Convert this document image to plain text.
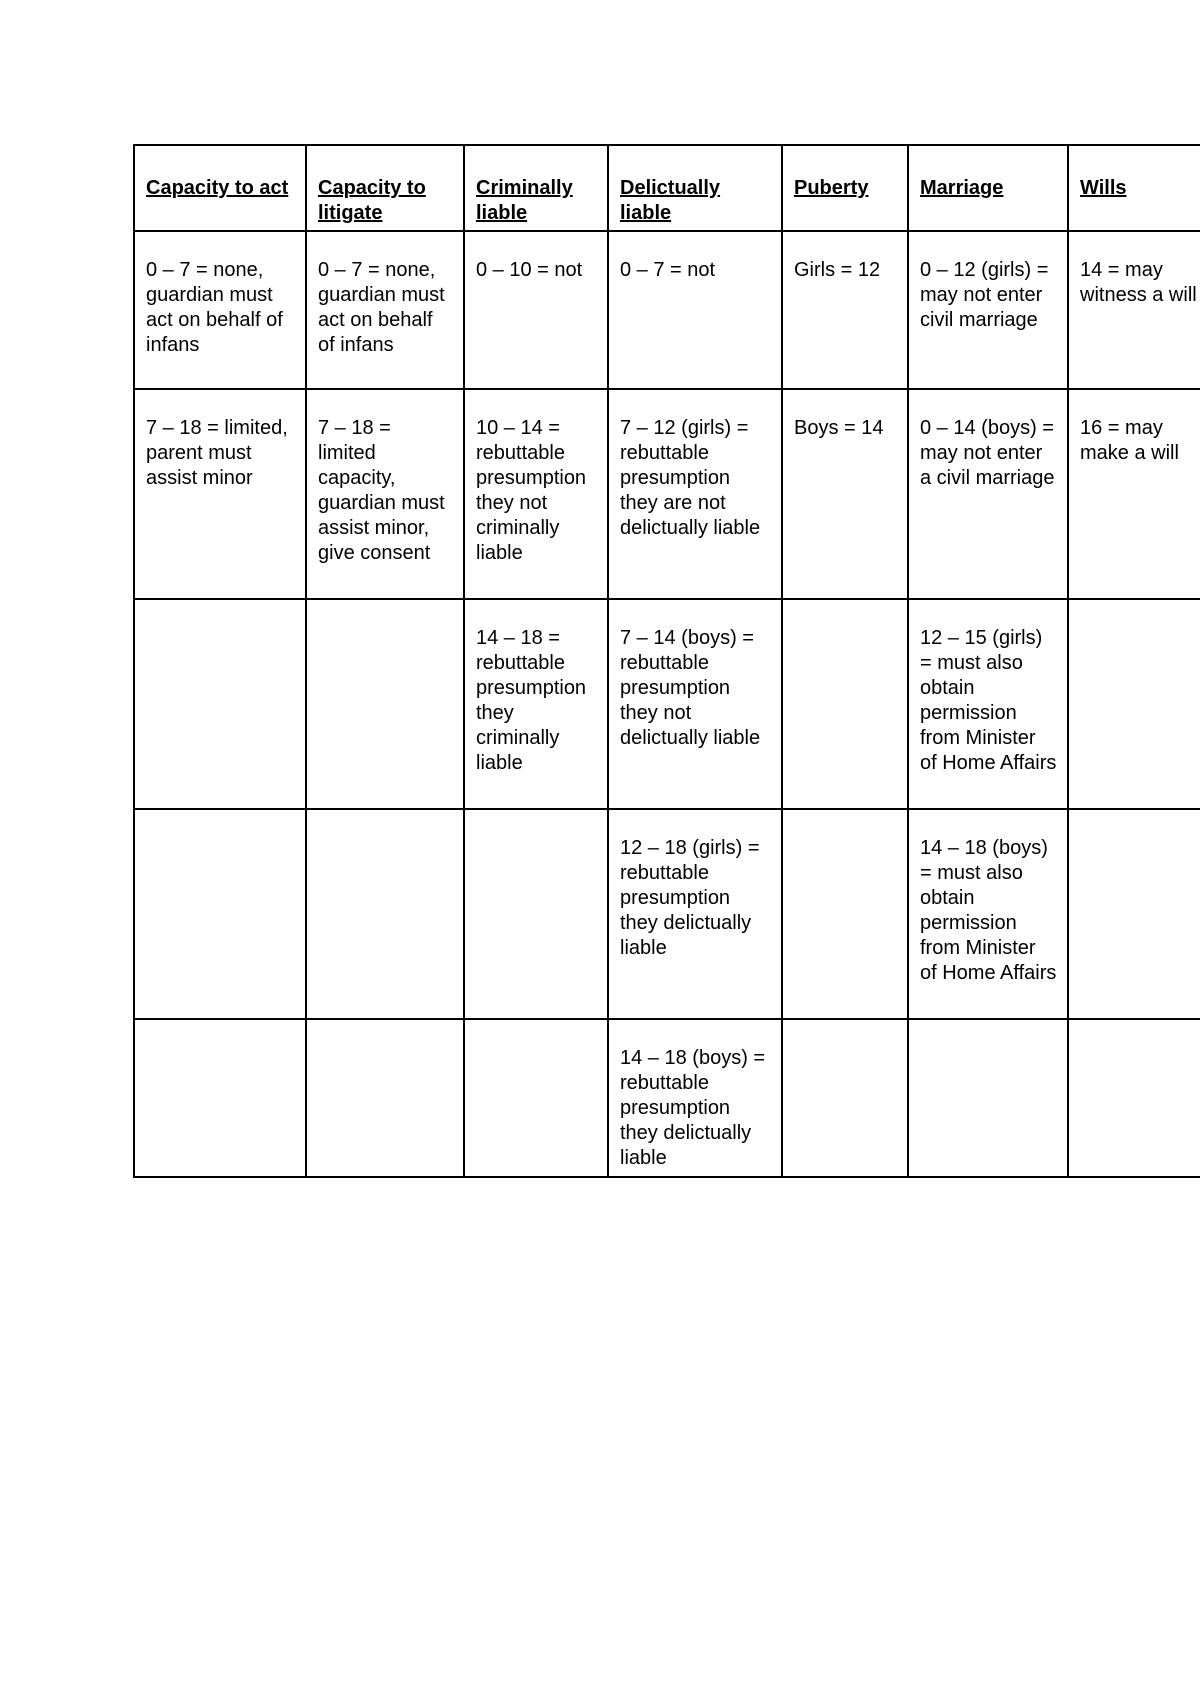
Capacity to act	Capacity to litigate	Criminally liable	Delictually liable	Puberty	Marriage	Wills
0 – 7 = none, guardian must act on behalf of infans	0 – 7 = none, guardian must act on behalf of infans	0 – 10 = not	0 – 7 = not	Girls = 12	0 – 12 (girls) = may not enter civil marriage	14 = may witness a will
7 – 18 = limited, parent must assist minor	7 – 18 = limited capacity, guardian must assist minor, give consent	10 – 14 = rebuttable presumption they not criminally liable	7 – 12 (girls) = rebuttable presumption they are not delictually liable	Boys = 14	0 – 14 (boys) = may not enter a civil marriage	16 = may make a will
		14 – 18 = rebuttable presumption they criminally liable	7 – 14 (boys) = rebuttable presumption they not delictually liable		12 – 15 (girls) = must also obtain permission from Minister of Home Affairs	
			12 – 18 (girls) = rebuttable presumption they delictually liable		14 – 18 (boys) = must also obtain permission from Minister of Home Affairs	
			14 – 18 (boys) = rebuttable presumption they delictually liable			
